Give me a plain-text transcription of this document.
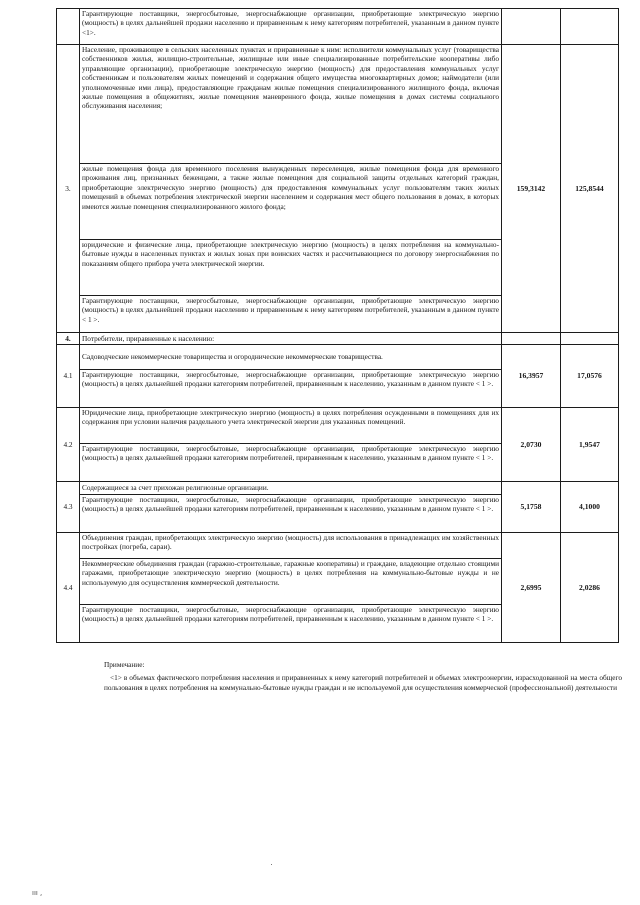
	Гарантирующие поставщики, энергосбытовые, энергоснабжающие организации, приобретающие электрическую энергию (мощность) в целях дальнейшей продажи населению и приравненным к нему категориям потребителей, указанным в данном пункте <1>.		
3.	Население, проживающее в сельских населенных пунктах и приравненные к ним: исполнители коммунальных услуг (товарищества собственников жилья, жилищно-строительные, жилищные или иные специализированные потребительские кооперативы либо управляющие организации), приобретающие электрическую энергию (мощность) для предоставления коммунальных услуг собственникам и пользователям жилых помещений и содержания общего имущества многоквартирных домов; наймодатели (или уполномоченные ими лица), предоставляющие гражданам жилые помещения специализированного жилищного фонда, включая жилые помещения в общежитиях, жилые помещения маневренного фонда, жилые помещения в домах системы социального обслуживания населения;	159,3142	125,8544
	жилые помещения фонда для временного поселения вынужденных переселенцев, жилые помещения фонда для временного проживания лиц, признанных беженцами, а также жилые помещения для социальной защиты отдельных категорий граждан, приобретающие электрическую энергию (мощность) для предоставления коммунальных услуг пользователям таких жилых помещений в объемах потребления электрической энергии населением и содержания мест общего пользования в домах, в которых имеются жилые помещения специализированного жилого фонда;		
	юридические и физические лица, приобретающие электрическую энергию (мощность) в целях потребления на коммунально-бытовые нужды в населенных пунктах и жилых зонах при воинских частях и рассчитывающиеся по договору энергоснабжения по показаниям общего прибора учета электрической энергии.		
	Гарантирующие поставщики, энергосбытовые, энергоснабжающие организации, приобретающие электрическую энергию (мощность) в целях дальнейшей продажи населению и приравненным к нему категориям потребителей, указанным в данном пункте < 1 >.		
4.	Потребители, приравненные к населению:		
4.1	Садоводческие некоммерческие товарищества и огороднические некоммерческие товарищества.	16,3957	17,0576
	Гарантирующие поставщики, энергосбытовые, энергоснабжающие организации, приобретающие электрическую энергию (мощность) в целях дальнейшей продажи категориям потребителей, приравненным к населению, указанным в данном пункте < 1 >.		
4.2	Юридические лица, приобретающие электрическую энергию (мощность) в целях потребления осужденными в помещениях для их содержания при условии наличия раздельного учета электрической энергии для указанных помещений.	2,0730	1,9547
	Гарантирующие поставщики, энергосбытовые, энергоснабжающие организации, приобретающие электрическую энергию (мощность) в целях дальнейшей продажи категориям потребителей, приравненным к населению, указанным в данном пункте < 1 >.		
4.3	Содержащиеся за счет прихожан религиозные организации.	5,1758	4,1000
	Гарантирующие поставщики, энергосбытовые, энергоснабжающие организации, приобретающие электрическую энергию (мощность) в целях дальнейшей продажи категориям потребителей, приравненным к населению, указанным в данном пункте < 1 >.		
4.4	Объединения граждан, приобретающих электрическую энергию (мощность) для использования в принадлежащих им хозяйственных постройках (погреба, сараи).	2,6995	2,0286
	Некоммерческие объединения граждан (гаражно-строительные, гаражные кооперативы) и граждане, владеющие отдельно стоящими гаражами, приобретающие электрическую энергию (мощность) в целях потребления на коммунально-бытовые нужды и не используемую для осуществления коммерческой деятельности.		
	Гарантирующие поставщики, энергосбытовые, энергоснабжающие организации, приобретающие электрическую энергию (мощность) в целях дальнейшей продажи категориям потребителей, приравненным к населению, указанным в данном пункте < 1 >.		
Примечание:
<1> в объемах фактического потребления населения и приравненных к нему категорий потребителей и объемах электроэнергии, израсходованной на места общего пользования в целях потребления на коммунально-бытовые нужды граждан и не используемой для осуществления коммерческой (профессиональной) деятельности
ııı ,
